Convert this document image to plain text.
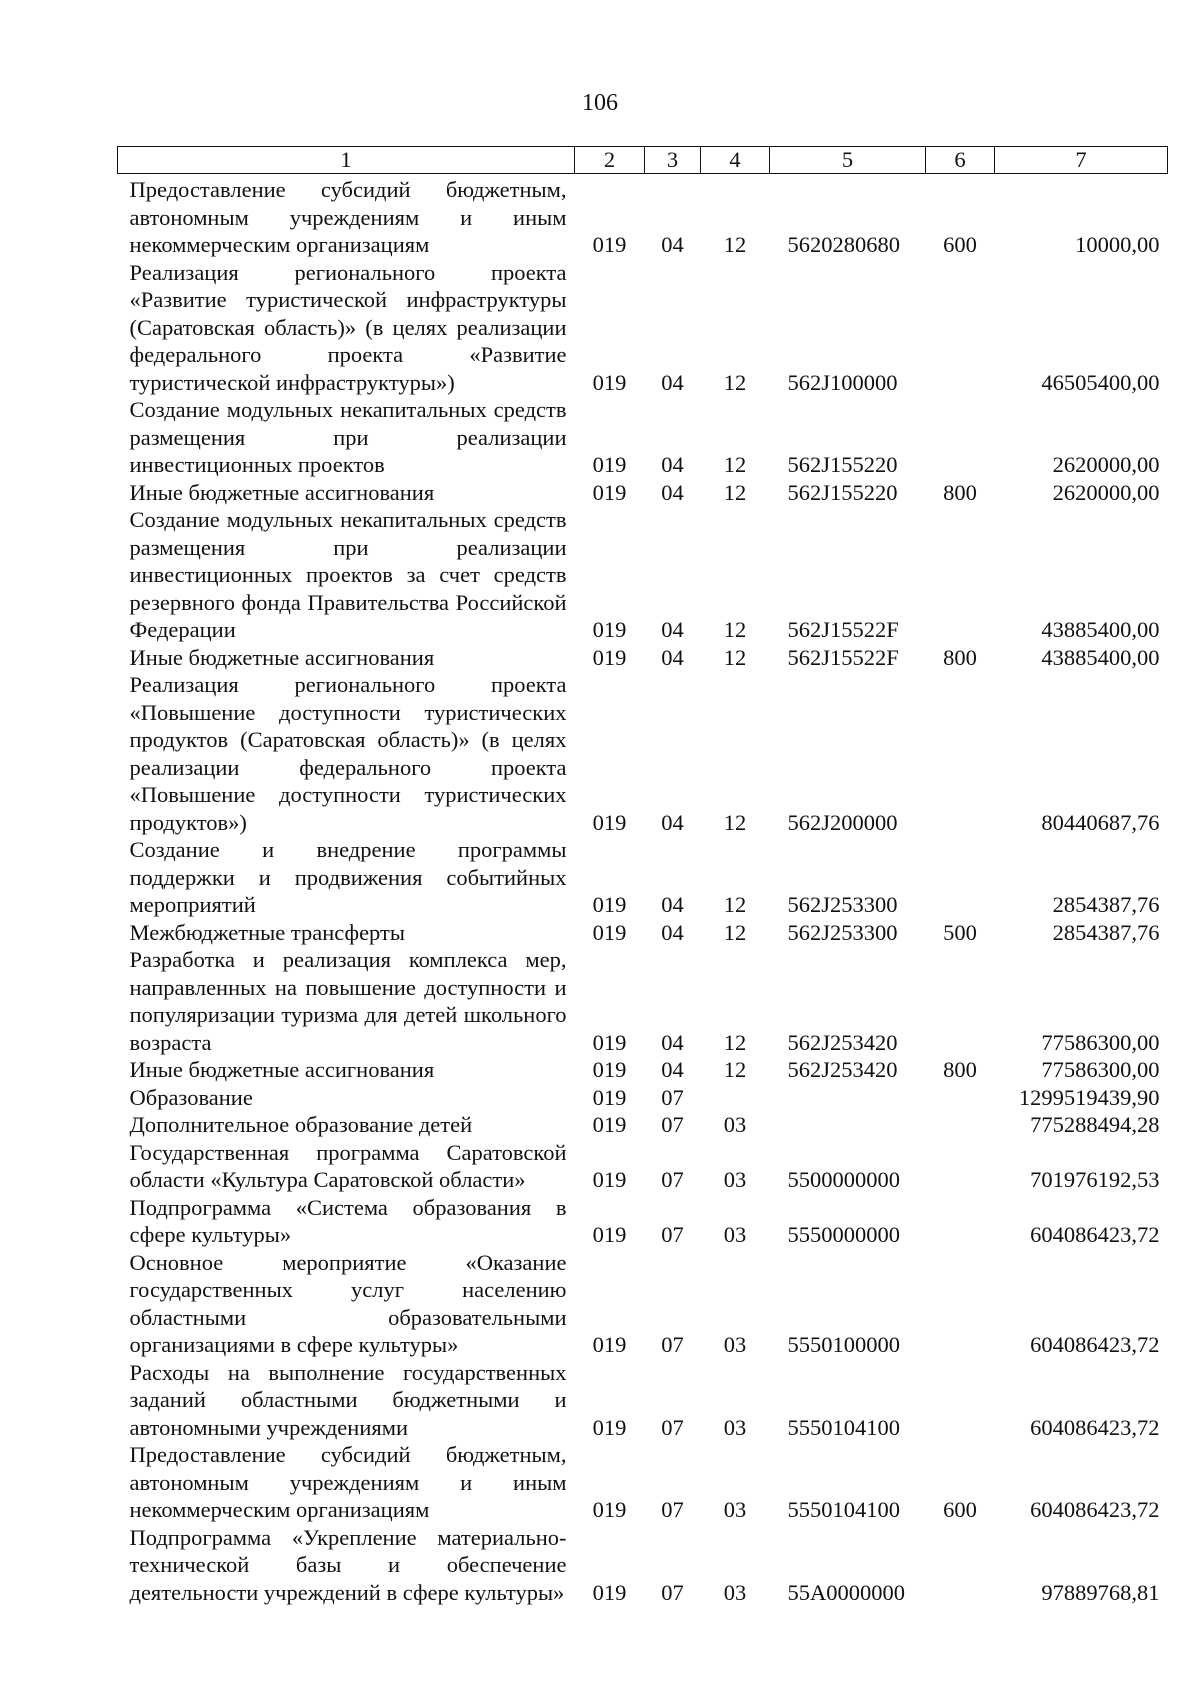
106
1	2	3	4	5	6	7
Предоставление субсидий бюджетным, автономным учреждениям и иным некоммерческим организациям	019	04	12	5620280680	600	10000,00
Реализация регионального проекта «Развитие туристической инфраструктуры (Саратовская область)» (в целях реализации федерального проекта «Развитие туристической инфраструктуры»)	019	04	12	562J100000		46505400,00
Создание модульных некапитальных средств размещения при реализации инвестиционных проектов	019	04	12	562J155220		2620000,00
Иные бюджетные ассигнования	019	04	12	562J155220	800	2620000,00
Создание модульных некапитальных средств размещения при реализации инвестиционных проектов за счет средств резервного фонда Правительства Российской Федерации	019	04	12	562J15522F		43885400,00
Иные бюджетные ассигнования	019	04	12	562J15522F	800	43885400,00
Реализация регионального проекта «Повышение доступности туристических продуктов (Саратовская область)» (в целях реализации федерального проекта «Повышение доступности туристических продуктов»)	019	04	12	562J200000		80440687,76
Создание и внедрение программы поддержки и продвижения событийных мероприятий	019	04	12	562J253300		2854387,76
Межбюджетные трансферты	019	04	12	562J253300	500	2854387,76
Разработка и реализация комплекса мер, направленных на повышение доступности и популяризации туризма для детей школьного возраста	019	04	12	562J253420		77586300,00
Иные бюджетные ассигнования	019	04	12	562J253420	800	77586300,00
Образование	019	07				1299519439,90
Дополнительное образование детей	019	07	03			775288494,28
Государственная программа Саратовской области «Культура Саратовской области»	019	07	03	5500000000		701976192,53
Подпрограмма «Система образования в сфере культуры»	019	07	03	5550000000		604086423,72
Основное мероприятие «Оказание государственных услуг населению областными образовательными организациями в сфере культуры»	019	07	03	5550100000		604086423,72
Расходы на выполнение государственных заданий областными бюджетными и автономными учреждениями	019	07	03	5550104100		604086423,72
Предоставление субсидий бюджетным, автономным учреждениям и иным некоммерческим организациям	019	07	03	5550104100	600	604086423,72
Подпрограмма «Укрепление материально-технической базы и обеспечение деятельности учреждений в сфере культуры»	019	07	03	55A0000000		97889768,81
